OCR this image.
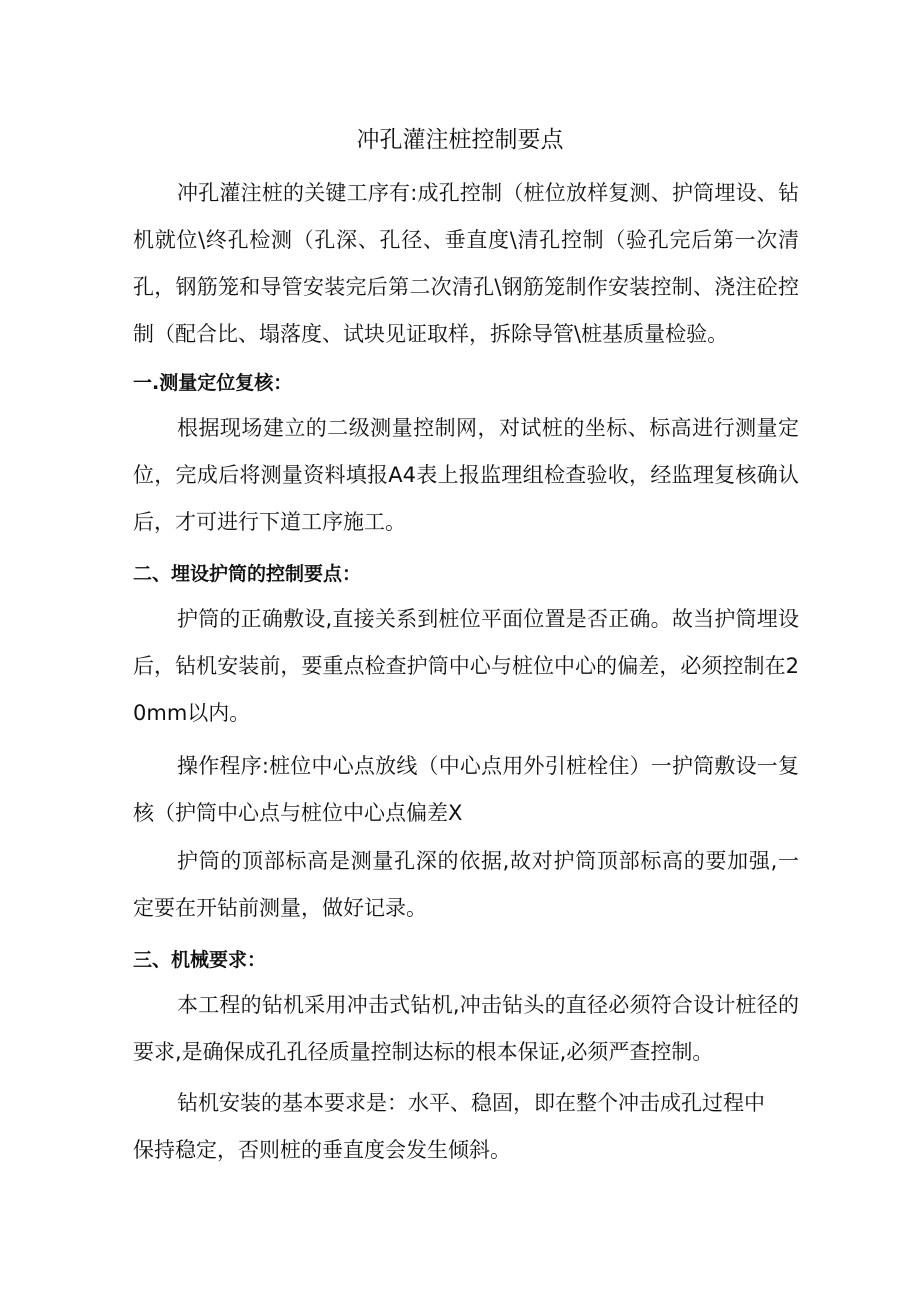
冲孔灌注桩控制要点

冲孔灌注桩的关键工序有:成孔控制（桩位放样复测、护筒埋设、钻机就位\终孔检测（孔深、孔径、垂直度\清孔控制（验孔完后第一次清孔，钢筋笼和导管安装完后第二次清孔\钢筋笼制作安装控制、浇注砼控制（配合比、塌落度、试块见证取样，拆除导管\桩基质量检验。

一.测量定位复核：

根据现场建立的二级测量控制网，对试桩的坐标、标高进行测量定位，完成后将测量资料填报A4表上报监理组检查验收，经监理复核确认后，才可进行下道工序施工。

二、埋设护筒的控制要点：

护筒的正确敷设,直接关系到桩位平面位置是否正确。故当护筒埋设后，钻机安装前，要重点检查护筒中心与桩位中心的偏差，必须控制在20mm以内。

操作程序:桩位中心点放线（中心点用外引桩栓住）一护筒敷设一复核（护筒中心点与桩位中心点偏差X

护筒的顶部标高是测量孔深的依据,故对护筒顶部标高的要加强,一定要在开钻前测量，做好记录。

三、机械要求：

本工程的钻机采用冲击式钻机,冲击钻头的直径必须符合设计桩径的要求,是确保成孔孔径质量控制达标的根本保证,必须严查控制。

钻机安装的基本要求是：水平、稳固，即在整个冲击成孔过程中
保持稳定，否则桩的垂直度会发生倾斜。
